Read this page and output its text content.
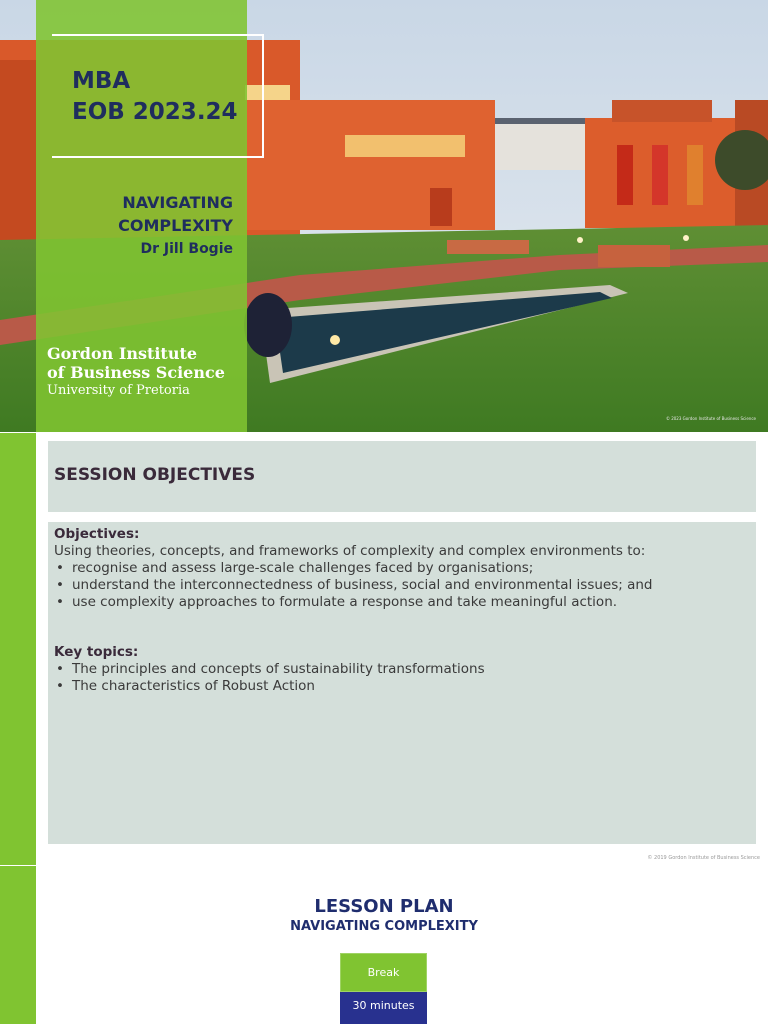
MBA
EOB 2023.24
NAVIGATING
COMPLEXITY
Dr Jill Bogie
Gordon Institute
of Business Science
University of Pretoria
© 2023 Gordon Institute of Business Science
SESSION OBJECTIVES
Objectives:
Using theories, concepts, and frameworks of complexity and complex environments to:
• recognise and assess large-scale challenges faced by organisations;
• understand the interconnectedness of business, social and environmental issues; and
• use complexity approaches to formulate a response and take meaningful action.
Key topics:
• The principles and concepts of sustainability transformations
• The characteristics of Robust Action
© 2019 Gordon Institute of Business Science
LESSON PLAN
NAVIGATING COMPLEXITY
Break
30 minutes
